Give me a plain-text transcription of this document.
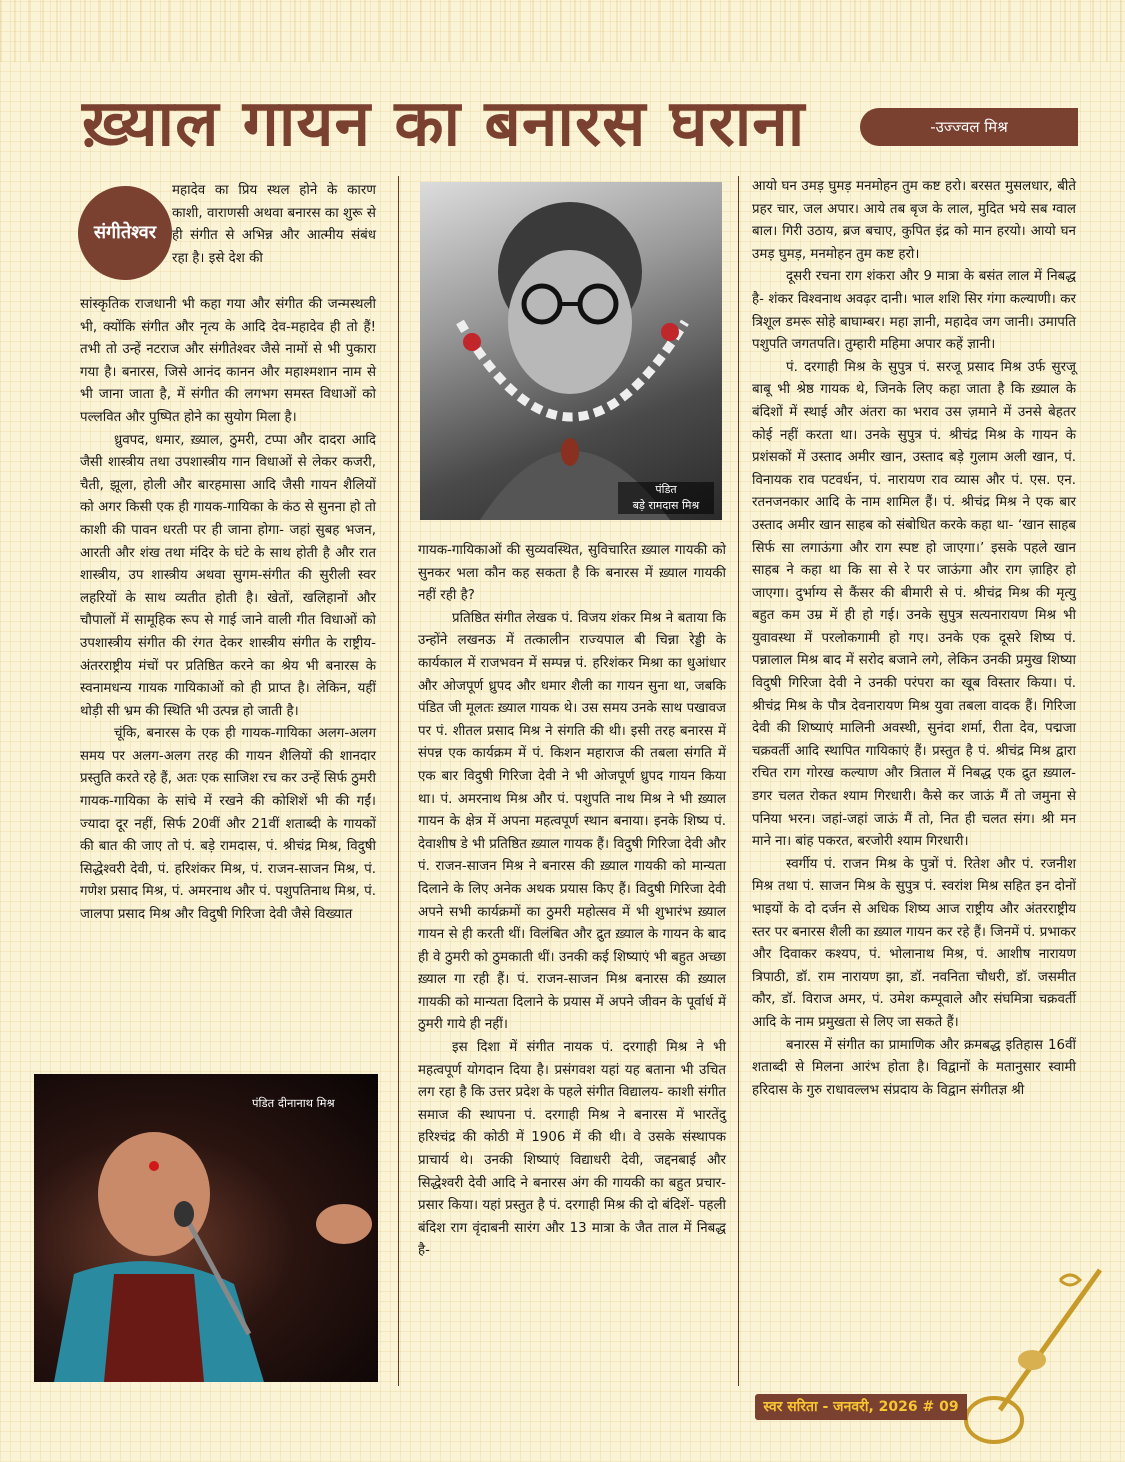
ख़्याल गायन का बनारस घराना	-उज्ज्वल मिश्र
संगीतेश्वर

महादेव का प्रिय स्थल होने के कारण काशी, वाराणसी अथवा बनारस का शुरू से ही संगीत से अभिन्न और आत्मीय संबंध रहा है। इसे देश की

सांस्कृतिक राजधानी भी कहा गया और संगीत की जन्मस्थली भी, क्योंकि संगीत और नृत्य के आदि देव-महादेव ही तो हैं! तभी तो उन्हें नटराज और संगीतेश्वर जैसे नामों से भी पुकारा गया है। बनारस, जिसे आनंद कानन और महाश्मशान नाम से भी जाना जाता है, में संगीत की लगभग समस्त विधाओं को पल्लवित और पुष्पित होने का सुयोग मिला है।

ध्रुवपद, धमार, ख़्याल, ठुमरी, टप्पा और दादरा आदि जैसी शास्त्रीय तथा उपशास्त्रीय गान विधाओं से लेकर कजरी, चैती, झूला, होली और बारहमासा आदि जैसी गायन शैलियों को अगर किसी एक ही गायक-गायिका के कंठ से सुनना हो तो काशी की पावन धरती पर ही जाना होगा- जहां सुबह भजन, आरती और शंख तथा मंदिर के घंटे के साथ होती है और रात शास्त्रीय, उप शास्त्रीय अथवा सुगम-संगीत की सुरीली स्वर लहरियों के साथ व्यतीत होती है। खेतों, खलिहानों और चौपालों में सामूहिक रूप से गाई जाने वाली गीत विधाओं को उपशास्त्रीय संगीत की रंगत देकर शास्त्रीय संगीत के राष्ट्रीय-अंतरराष्ट्रीय मंचों पर प्रतिष्ठित करने का श्रेय भी बनारस के स्वनामधन्य गायक गायिकाओं को ही प्राप्त है। लेकिन, यहीं थोड़ी सी भ्रम की स्थिति भी उत्पन्न हो जाती है।

चूंकि, बनारस के एक ही गायक-गायिका अलग-अलग समय पर अलग-अलग तरह की गायन शैलियों की शानदार प्रस्तुति करते रहे हैं, अतः एक साजिश रच कर उन्हें सिर्फ ठुमरी गायक-गायिका के सांचे में रखने की कोशिशें भी की गईं। ज्यादा दूर नहीं, सिर्फ 20वीं और 21वीं शताब्दी के गायकों की बात की जाए तो पं. बड़े रामदास, पं. श्रीचंद्र मिश्र, विदुषी सिद्धेश्वरी देवी, पं. हरिशंकर मिश्र, पं. राजन-साजन मिश्र, पं. गणेश प्रसाद मिश्र, पं. अमरनाथ और पं. पशुपतिनाथ मिश्र, पं. जालपा प्रसाद मिश्र और विदुषी गिरिजा देवी जैसे विख्यात

पंडित
बड़े रामदास मिश्र

गायक-गायिकाओं की सुव्यवस्थित, सुविचारित ख़्याल गायकी को सुनकर भला कौन कह सकता है कि बनारस में ख़्याल गायकी नहीं रही है?

प्रतिष्ठित संगीत लेखक पं. विजय शंकर मिश्र ने बताया कि उन्होंने लखनऊ में तत्कालीन राज्यपाल बी चिन्ना रेड्डी के कार्यकाल में राजभवन में सम्पन्न पं. हरिशंकर मिश्रा का धुआंधार और ओजपूर्ण ध्रुपद और धमार शैली का गायन सुना था, जबकि पंडित जी मूलतः ख़्याल गायक थे। उस समय उनके साथ पखावज पर पं. शीतल प्रसाद मिश्र ने संगति की थी। इसी तरह बनारस में संपन्न एक कार्यक्रम में पं. किशन महाराज की तबला संगति में एक बार विदुषी गिरिजा देवी ने भी ओजपूर्ण ध्रुपद गायन किया था। पं. अमरनाथ मिश्र और पं. पशुपति नाथ मिश्र ने भी ख़्याल गायन के क्षेत्र में अपना महत्वपूर्ण स्थान बनाया। इनके शिष्य पं. देवाशीष डे भी प्रतिष्ठित ख़्याल गायक हैं। विदुषी गिरिजा देवी और पं. राजन-साजन मिश्र ने बनारस की ख़्याल गायकी को मान्यता दिलाने के लिए अनेक अथक प्रयास किए हैं। विदुषी गिरिजा देवी अपने सभी कार्यक्रमों का ठुमरी महोत्सव में भी शुभारंभ ख़्याल गायन से ही करती थीं। विलंबित और द्रुत ख़्याल के गायन के बाद ही वे ठुमरी को ठुमकाती थीं। उनकी कई शिष्याएं भी बहुत अच्छा ख़्याल गा रही हैं। पं. राजन-साजन मिश्र बनारस की ख़्याल गायकी को मान्यता दिलाने के प्रयास में अपने जीवन के पूर्वार्ध में ठुमरी गाये ही नहीं।

इस दिशा में संगीत नायक पं. दरगाही मिश्र ने भी महत्वपूर्ण योगदान दिया है। प्रसंगवश यहां यह बताना भी उचित लग रहा है कि उत्तर प्रदेश के पहले संगीत विद्यालय- काशी संगीत समाज की स्थापना पं. दरगाही मिश्र ने बनारस में भारतेंदु हरिश्चंद्र की कोठी में 1906 में की थी। वे उसके संस्थापक प्राचार्य थे। उनकी शिष्याएं विद्याधरी देवी, जद्दनबाई और सिद्धेश्वरी देवी आदि ने बनारस अंग की गायकी का बहुत प्रचार-प्रसार किया। यहां प्रस्तुत है पं. दरगाही मिश्र की दो बंदिशें- पहली बंदिश राग वृंदाबनी सारंग और 13 मात्रा के जैत ताल में निबद्ध है-

पंडित दीनानाथ मिश्र

आयो घन उमड़ घुमड़ मनमोहन तुम कष्ट हरो। बरसत मुसलधार, बीते प्रहर चार, जल अपार। आये तब बृज के लाल, मुदित भये सब ग्वाल बाल। गिरी उठाय, ब्रज बचाए, कुपित इंद्र को मान हरयो। आयो घन उमड़ घुमड़, मनमोहन तुम कष्ट हरो।

दूसरी रचना राग शंकरा और 9 मात्रा के बसंत लाल में निबद्ध है- शंकर विश्वनाथ अवढ़र दानी। भाल शशि सिर गंगा कल्याणी। कर त्रिशूल डमरू सोहे बाघाम्बर। महा ज्ञानी, महादेव जग जानी। उमापति पशुपति जगतपति। तुम्हारी महिमा अपार कहें ज्ञानी।

पं. दरगाही मिश्र के सुपुत्र पं. सरजू प्रसाद मिश्र उर्फ सुरजू बाबू भी श्रेष्ठ गायक थे, जिनके लिए कहा जाता है कि ख़्याल के बंदिशों में स्थाई और अंतरा का भराव उस ज़माने में उनसे बेहतर कोई नहीं करता था। उनके सुपुत्र पं. श्रीचंद्र मिश्र के गायन के प्रशंसकों में उस्ताद अमीर खान, उस्ताद बड़े गुलाम अली खान, पं. विनायक राव पटवर्धन, पं. नारायण राव व्यास और पं. एस. एन. रतनजनकार आदि के नाम शामिल हैं। पं. श्रीचंद्र मिश्र ने एक बार उस्ताद अमीर खान साहब को संबोधित करके कहा था- ‘खान साहब सिर्फ सा लगाऊंगा और राग स्पष्ट हो जाएगा।’ इसके पहले खान साहब ने कहा था कि सा से रे पर जाऊंगा और राग ज़ाहिर हो जाएगा। दुर्भाग्य से कैंसर की बीमारी से पं. श्रीचंद्र मिश्र की मृत्यु बहुत कम उम्र में ही हो गई। उनके सुपुत्र सत्यनारायण मिश्र भी युवावस्था में परलोकगामी हो गए। उनके एक दूसरे शिष्य पं. पन्नालाल मिश्र बाद में सरोद बजाने लगे, लेकिन उनकी प्रमुख शिष्या विदुषी गिरिजा देवी ने उनकी परंपरा का खूब विस्तार किया। पं. श्रीचंद्र मिश्र के पौत्र देवनारायण मिश्र युवा तबला वादक हैं। गिरिजा देवी की शिष्याएं मालिनी अवस्थी, सुनंदा शर्मा, रीता देव, पद्मजा चक्रवर्ती आदि स्थापित गायिकाएं हैं। प्रस्तुत है पं. श्रीचंद्र मिश्र द्वारा रचित राग गोरख कल्याण और त्रिताल में निबद्ध एक द्रुत ख़्याल- डगर चलत रोकत श्याम गिरधारी। कैसे कर जाऊं मैं तो जमुना से पनिया भरन। जहां-जहां जाऊं मैं तो, नित ही चलत संग। श्री मन माने ना। बांह पकरत, बरजोरी श्याम गिरधारी।

स्वर्गीय पं. राजन मिश्र के पुत्रों पं. रितेश और पं. रजनीश मिश्र तथा पं. साजन मिश्र के सुपुत्र पं. स्वरांश मिश्र सहित इन दोनों भाइयों के दो दर्जन से अधिक शिष्य आज राष्ट्रीय और अंतरराष्ट्रीय स्तर पर बनारस शैली का ख़्याल गायन कर रहे हैं। जिनमें पं. प्रभाकर और दिवाकर कश्यप, पं. भोलानाथ मिश्र, पं. आशीष नारायण त्रिपाठी, डॉ. राम नारायण झा, डॉ. नवनिता चौधरी, डॉ. जसमीत कौर, डॉ. विराज अमर, पं. उमेश कम्पूवाले और संघमित्रा चक्रवर्ती आदि के नाम प्रमुखता से लिए जा सकते हैं।

बनारस में संगीत का प्रामाणिक और क्रमबद्ध इतिहास 16वीं शताब्दी से मिलना आरंभ होता है। विद्वानों के मतानुसार स्वामी हरिदास के गुरु राधावल्लभ संप्रदाय के विद्वान संगीतज्ञ श्री

स्वर सरिता - जनवरी, 2026 # 09
